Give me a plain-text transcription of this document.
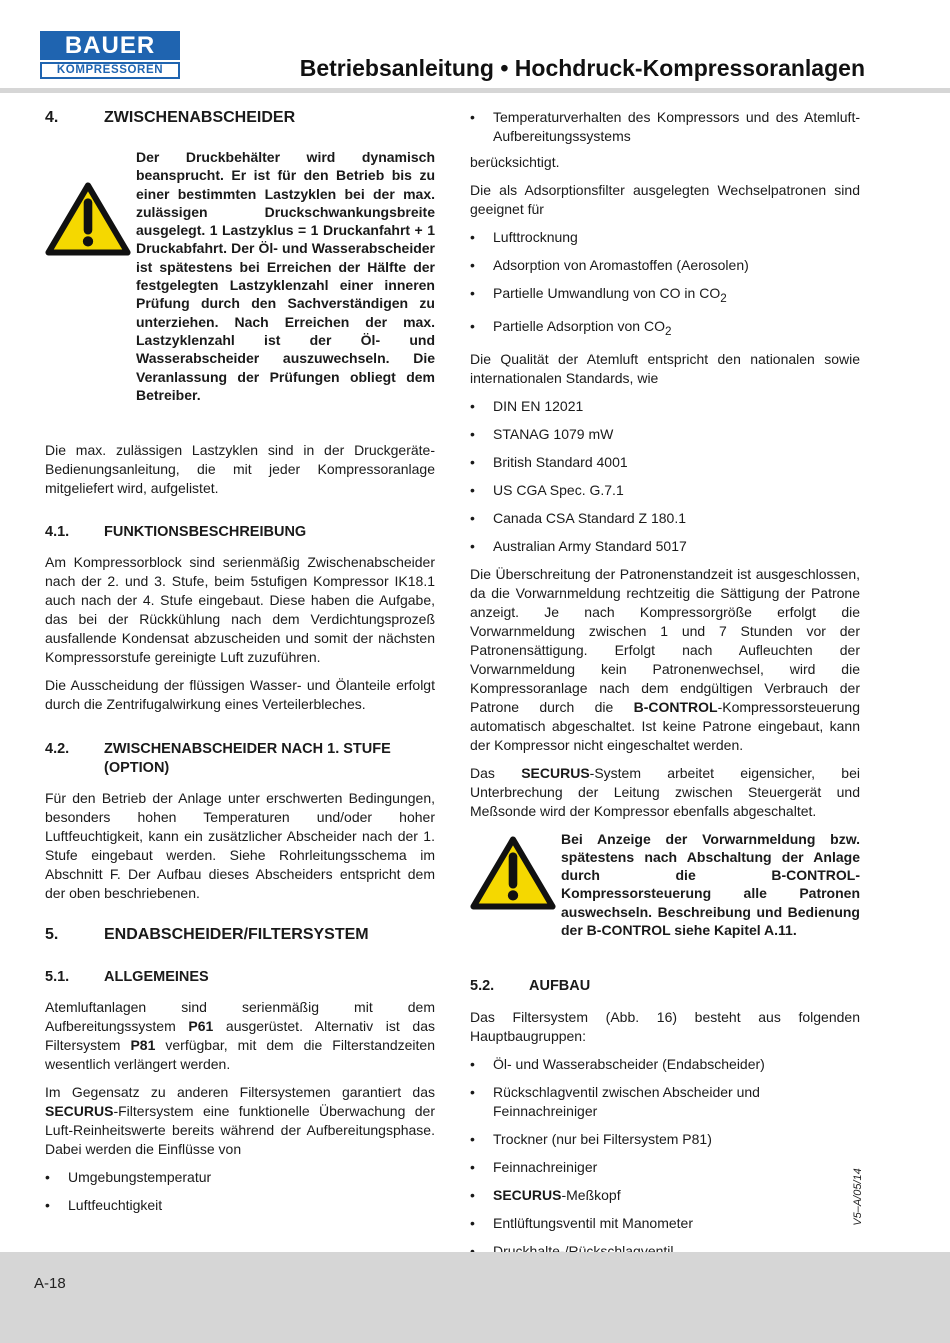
BAUER
KOMPRESSOREN	Betriebsanleitung • Hochdruck-Kompressoranlagen
4.	ZWISCHENABSCHEIDER
Der Druckbehälter wird dynamisch beansprucht. Er ist für den Betrieb bis zu einer bestimmten Lastzyklen bei der max. zulässigen Druckschwankungsbreite ausgelegt. 1 Lastzyklus = 1 Druckanfahrt + 1 Druckabfahrt. Der Öl- und Wasserabscheider ist spätestens bei Erreichen der Hälfte der festgelegten Lastzyklenzahl einer inneren Prüfung durch den Sachverständigen zu unterziehen. Nach Erreichen der max. Lastzyklenzahl ist der Öl- und Wasserabscheider auszuwechseln. Die Veranlassung der Prüfungen obliegt dem Betreiber.

Die max. zulässigen Lastzyklen sind in der Druckgeräte-Bedienungsanleitung, die mit jeder Kompressoranlage mitgeliefert wird, aufgelistet.

4.1.	FUNKTIONSBESCHREIBUNG

Am Kompressorblock sind serienmäßig Zwischenabscheider nach der 2. und 3. Stufe, beim 5stufigen Kompressor IK18.1 auch nach der 4. Stufe eingebaut. Diese haben die Aufgabe, das bei der Rückkühlung nach dem Verdichtungsprozeß ausfallende Kondensat abzuscheiden und somit der nächsten Kompressorstufe gereinigte Luft zuzuführen.

Die Ausscheidung der flüssigen Wasser- und Ölanteile erfolgt durch die Zentrifugalwirkung eines Verteilerbleches.

4.2.	ZWISCHENABSCHEIDER NACH 1. STUFE (OPTION)

Für den Betrieb der Anlage unter erschwerten Bedingungen, besonders hohen Temperaturen und/oder hoher Luftfeuchtigkeit, kann ein zusätzlicher Abscheider nach der 1. Stufe eingebaut werden. Siehe Rohrleitungsschema im Abschnitt F. Der Aufbau dieses Abscheiders entspricht dem der oben beschriebenen.

5.	ENDABSCHEIDER/FILTERSYSTEM
5.1.	ALLGEMEINES

Atemluftanlagen sind serienmäßig mit dem Aufbereitungssystem P61 ausgerüstet. Alternativ ist das Filtersystem P81 verfügbar, mit dem die Filterstandzeiten wesentlich verlängert werden.

Im Gegensatz zu anderen Filtersystemen garantiert das SECURUS-Filtersystem eine funktionelle Überwachung der Luft-Reinheitswerte bereits während der Aufbereitungsphase. Dabei werden die Einflüsse von

•	Umgebungstemperatur
•	Luftfeuchtigkeit
•	Temperaturverhalten des Kompressors und des Atemluft-Aufbereitungssystems

berücksichtigt.

Die als Adsorptionsfilter ausgelegten Wechselpatronen sind geeignet für

•	Lufttrocknung
•	Adsorption von Aromastoffen (Aerosolen)
•	Partielle Umwandlung von CO in $CO_2$
•	Partielle Adsorption von $CO_2$

Die Qualität der Atemluft entspricht den nationalen sowie internationalen Standards, wie

•	DIN EN 12021
•	STANAG 1079 mW
•	British Standard 4001
•	US CGA Spec. G.7.1
•	Canada CSA Standard Z 180.1
•	Australian Army Standard 5017

Die Überschreitung der Patronenstandzeit ist ausgeschlossen, da die Vorwarnmeldung rechtzeitig die Sättigung der Patrone anzeigt. Je nach Kompressorgröße erfolgt die Vorwarnmeldung zwischen 1 und 7 Stunden vor der Patronensättigung. Erfolgt nach Aufleuchten der Vorwarnmeldung kein Patronenwechsel, wird die Kompressoranlage nach dem endgültigen Verbrauch der Patrone durch die B-CONTROL-Kompressorsteuerung automatisch abgeschaltet. Ist keine Patrone eingebaut, kann der Kompressor nicht eingeschaltet werden.

Das SECURUS-System arbeitet eigensicher, bei Unterbrechung der Leitung zwischen Steuergerät und Meßsonde wird der Kompressor ebenfalls abgeschaltet.

Bei Anzeige der Vorwarnmeldung bzw. spätestens nach Abschaltung der Anlage durch die B-CONTROL-Kompressorsteuerung alle Patronen auswechseln. Beschreibung und Bedienung der B-CONTROL siehe Kapitel A.11.
5.2.	AUFBAU

Das Filtersystem (Abb. 16) besteht aus folgenden Hauptbaugruppen:

•	Öl- und Wasserabscheider (Endabscheider)
•	Rückschlagventil zwischen Abscheider und Feinnachreiniger
•	Trockner (nur bei Filtersystem P81)
•	Feinnachreiniger
•	SECURUS-Meßkopf
•	Entlüftungsventil mit Manometer	V5–A/05/14
A-18
